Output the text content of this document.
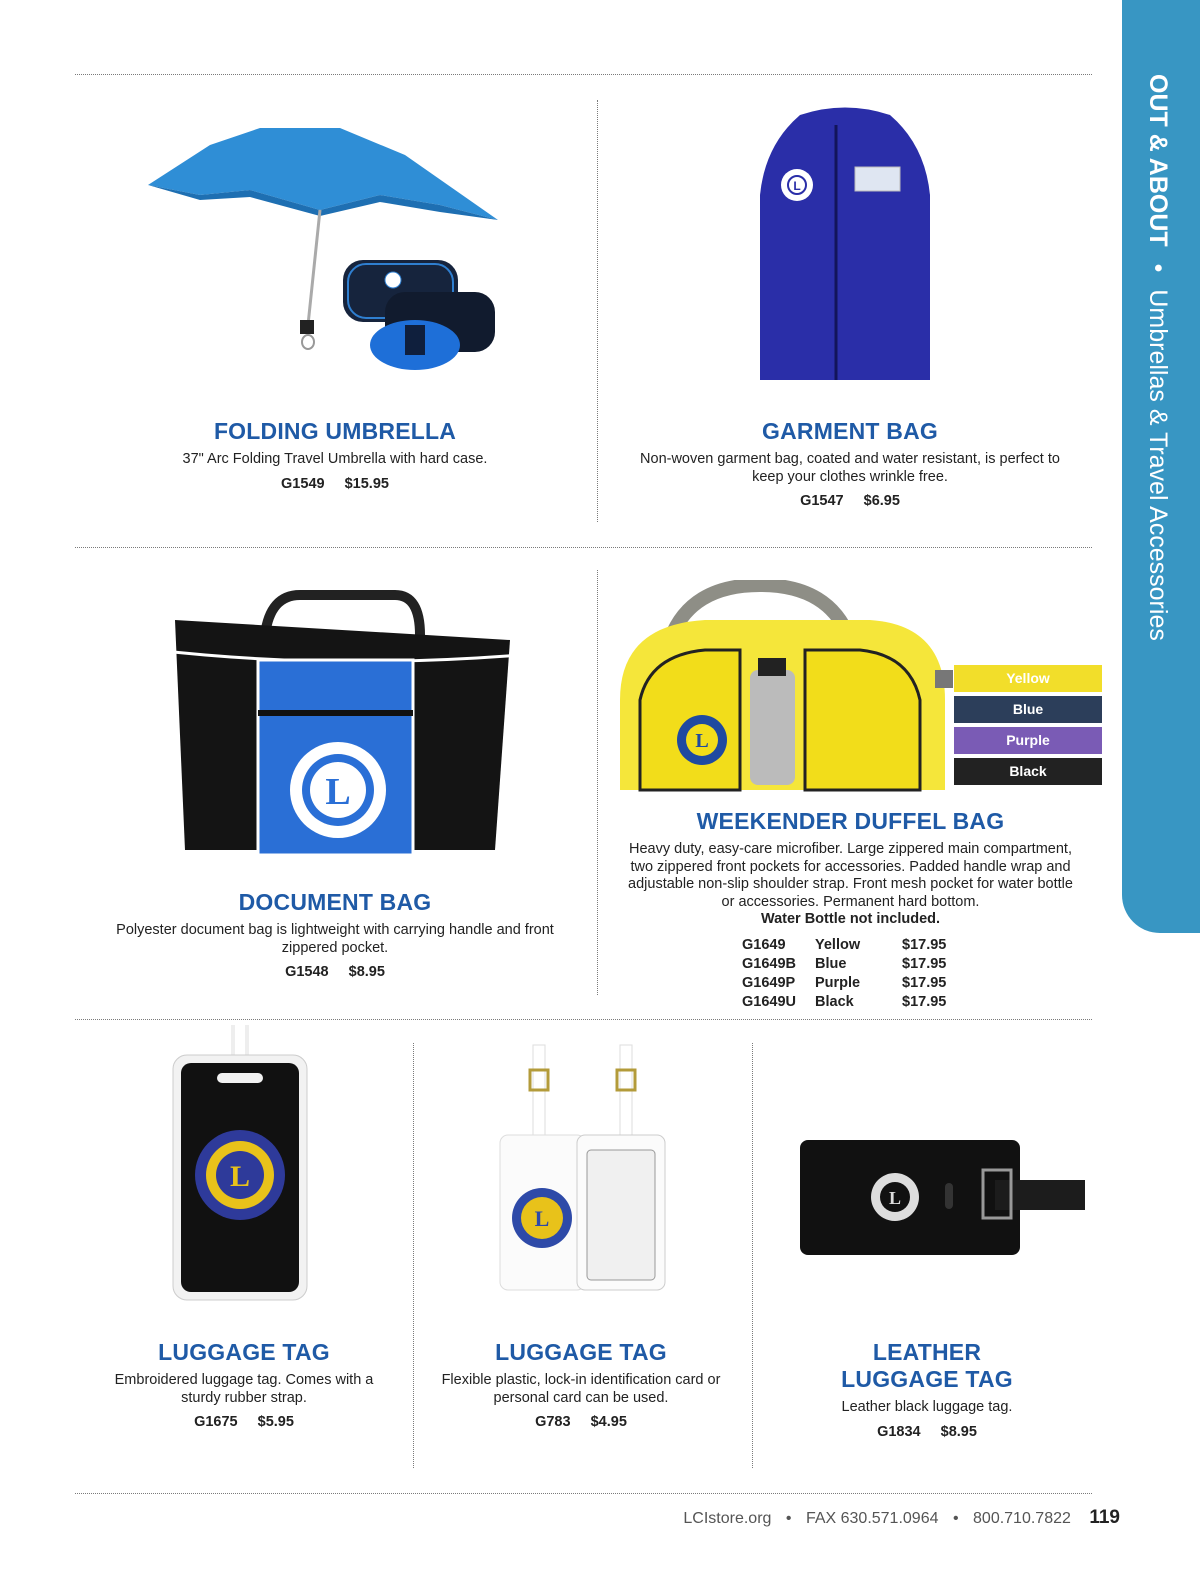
OUT & ABOUT • Umbrellas & Travel Accessories
FOLDING UMBRELLA
37" Arc Folding Travel Umbrella with hard case.
G1549 $15.95
L
GARMENT BAG
Non-woven garment bag, coated and water resistant, is perfect to keep your clothes wrinkle free.
G1547 $6.95
L
DOCUMENT BAG
Polyester document bag is lightweight with carrying handle and front zippered pocket.
G1548 $8.95
L
Yellow
Blue
Purple
Black
WEEKENDER DUFFEL BAG
Heavy duty, easy-care microfiber. Large zippered main compartment, two zippered front pockets for accessories. Padded handle wrap and adjustable non-slip shoulder strap. Front mesh pocket for water bottle or accessories. Permanent hard bottom.
Water Bottle not included.
G1649 Yellow	$17.95
G1649B Blue	$17.95
G1649P Purple	$17.95
G1649U Black	$17.95
L
LUGGAGE TAG
Embroidered luggage tag. Comes with a sturdy rubber strap.
G1675 $5.95
L
LUGGAGE TAG
Flexible plastic, lock-in identification card or personal card can be used.
G783 $4.95
L
LEATHER
LUGGAGE TAG
Leather black luggage tag.
G1834 $8.95
LCIstore.org • FAX 630.571.0964 • 800.710.7822 119
